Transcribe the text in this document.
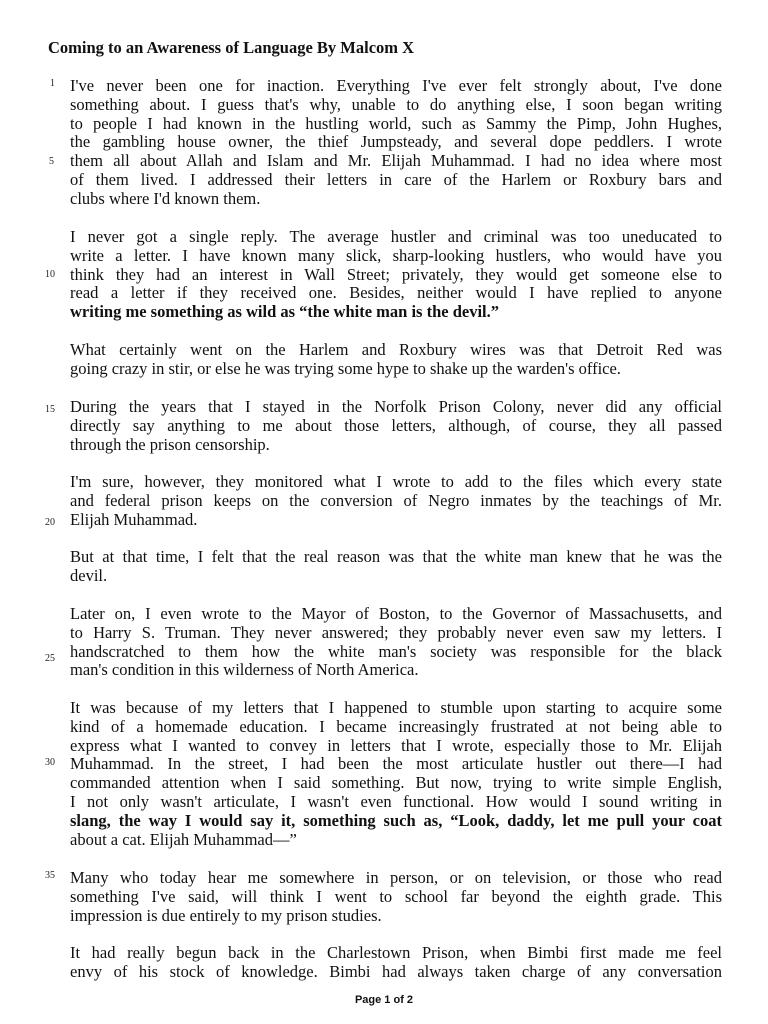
Coming to an Awareness of Language By Malcom X

I've never been one for inaction. Everything I've ever felt strongly about, I've done
something about. I guess that's why, unable to do anything else, I soon began writing
to people I had known in the hustling world, such as Sammy the Pimp, John Hughes,
the gambling house owner, the thief Jumpsteady, and several dope peddlers. I wrote
them all about Allah and Islam and Mr. Elijah Muhammad. I had no idea where most
of them lived. I addressed their letters in care of the Harlem or Roxbury bars and
clubs where I'd known them.

I never got a single reply. The average hustler and criminal was too uneducated to
write a letter. I have known many slick, sharp-looking hustlers, who would have you
think they had an interest in Wall Street; privately, they would get someone else to
read a letter if they received one. Besides, neither would I have replied to anyone
writing me something as wild as “the white man is the devil.”

What certainly went on the Harlem and Roxbury wires was that Detroit Red was
going crazy in stir, or else he was trying some hype to shake up the warden's office.

During the years that I stayed in the Norfolk Prison Colony, never did any official
directly say anything to me about those letters, although, of course, they all passed
through the prison censorship.

I'm sure, however, they monitored what I wrote to add to the files which every state
and federal prison keeps on the conversion of Negro inmates by the teachings of Mr.
Elijah Muhammad.

But at that time, I felt that the real reason was that the white man knew that he was the
devil.

Later on, I even wrote to the Mayor of Boston, to the Governor of Massachusetts, and
to Harry S. Truman. They never answered; they probably never even saw my letters. I
handscratched to them how the white man's society was responsible for the black
man's condition in this wilderness of North America.

It was because of my letters that I happened to stumble upon starting to acquire some
kind of a homemade education. I became increasingly frustrated at not being able to
express what I wanted to convey in letters that I wrote, especially those to Mr. Elijah
Muhammad. In the street, I had been the most articulate hustler out there—I had
commanded attention when I said something. But now, trying to write simple English,
I not only wasn't articulate, I wasn't even functional. How would I sound writing in
slang, the way I would say it, something such as, “Look, daddy, let me pull your coat
about a cat. Elijah Muhammad—”

Many who today hear me somewhere in person, or on television, or those who read
something I've said, will think I went to school far beyond the eighth grade. This
impression is due entirely to my prison studies.

It had really begun back in the Charlestown Prison, when Bimbi first made me feel
envy of his stock of knowledge. Bimbi had always taken charge of any conversation

1
5
10
15
20
25
30
35
Page 1 of 2
